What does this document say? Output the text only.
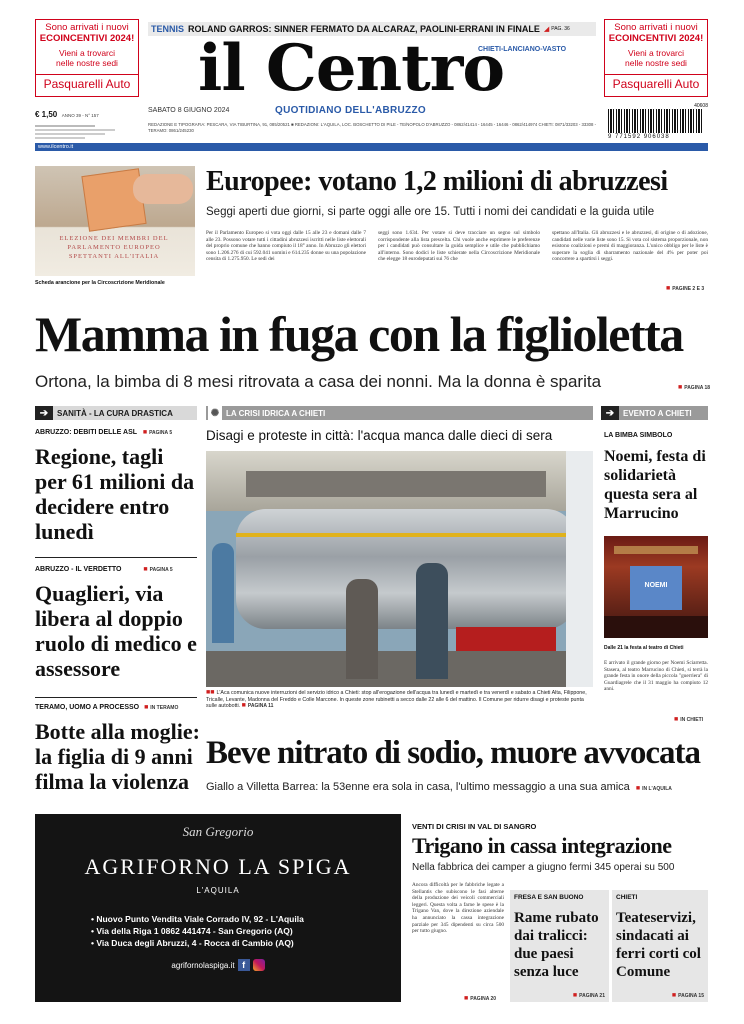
Sono arrivati i nuovi
ECOINCENTIVI 2024!
Vieni a trovarci
nelle nostre sedi
Pasquarelli Auto
Sono arrivati i nuovi
ECOINCENTIVI 2024!
Vieni a trovarci
nelle nostre sedi
Pasquarelli Auto
TENNIS ROLAND GARROS: SINNER FERMATO DA ALCARAZ, PAOLINI-ERRANI IN FINALE ◢ PAG. 36
il Centro
CHIETI-LANCIANO-VASTO
QUOTIDIANO DELL'ABRUZZO
SABATO 8 GIUGNO 2024
REDAZIONE E TIPOGRAFIA: PESCARA, VIA TIBURTINA, 91, 085/20521 ■ REDAZIONI: L'AQUILA, LOC. BOSCHETTO DI PILE - TE/NOPOLO D'ABRUZZO - 0862/41414 - 16445 - 16446 - 0862/414974 CHIETI: 0871/33203 - 33308 - TERAMO: 0861/245230
€ 1,50 ANNO 39 - N° 157
40608
9 771592 906038
www.ilcentro.it
ELEZIONE DEI MEMBRI DEL PARLAMENTO EUROPEO SPETTANTI ALL'ITALIA
Scheda arancione per la Circoscrizione Meridionale
Europee: votano 1,2 milioni di abruzzesi
Seggi aperti due giorni, si parte oggi alle ore 15. Tutti i nomi dei candidati e la guida utile
Per il Parlamento Europeo si vota oggi dalle 15 alle 23 e domani dalle 7 alle 23. Possono votare tutti i cittadini abruzzesi iscritti nelle liste elettorali del proprio comune che hanno compiuto il 18° anno. In Abruzzo gli elettori sono 1.206.276 di cui 592.041 uomini e 614.235 donne su una popolazione censita di 1.275.950. Le sedi dei
seggi sono 1.634. Per votare si deve tracciare un segno sul simbolo corrispondente alla lista prescelta. Chi vuole anche esprimere le preferenze per i candidati può consultare la guida semplice e utile che pubblichiamo all'interno. Sono dodici le liste schierate nella Circoscrizione Meridionale che elegge 18 eurodeputati sui 76 che
spettano all'Italia. Gli abruzzesi e le abruzzesi, di origine o di adozione, candidati nelle varie liste sono 15. Si vota col sistema proporzionale, non esistono coalizioni e premi di maggioranza. L'unico obbligo per le liste è superare la soglia di sbarramento nazionale del 4% per poter poi concorrere a spartirsi i seggi.
■ PAGINE 2 E 3
Mamma in fuga con la figlioletta
Ortona, la bimba di 8 mesi ritrovata a casa dei nonni. Ma la donna è sparita	■ PAGINA 18
➔	SANITÀ - LA CURA DRASTICA
ABRUZZO: DEBITI DELLE ASL ■ PAGINA 5
Regione, tagli per 61 milioni da decidere entro lunedì
ABRUZZO - IL VERDETTO	■ PAGINA 5
Quaglieri, via libera al doppio ruolo di medico e assessore
TERAMO, UOMO A PROCESSO ■ IN TERAMO
Botte alla moglie: la figlia di 9 anni filma la violenza
✺ LA CRISI IDRICA A CHIETI
Disagi e proteste in città: l'acqua manca dalle dieci di sera
■■ L'Aca comunica nuove interruzioni del servizio idrico a Chieti: stop all'erogazione dell'acqua tra lunedì e martedì e tra venerdì e sabato a Chieti Alta, Filippone, Tricalle, Levante, Madonna del Freddo e Colle Marcone. In queste zone rubinetti a secco dalle 22 alle 6 del mattino. Il Comune per ridurre disagi e proteste punta sulle autobotti. ■ PAGINA 11
➔	EVENTO A CHIETI
LA BIMBA SIMBOLO
Noemi, festa di solidarietà questa sera al Marrucino
NOEMI
Dalle 21 la festa al teatro di Chieti
È arrivato il grande giorno per Noemi Sciarretta. Stasera, al teatro Marrucino di Chieti, si terrà la grande festa in onore della piccola "guerriera" di Guardiagrele che il 31 maggio ha compiuto 12 anni.
■ IN CHIETI
Beve nitrato di sodio, muore avvocata
Giallo a Villetta Barrea: la 53enne era sola in casa, l'ultimo messaggio a una sua amica ■ IN L'AQUILA
San Gregorio
AGRIFORNO LA SPIGA
L'AQUILA
• Nuovo Punto Vendita Viale Corrado IV, 92 - L'Aquila
• Via della Riga 1 0862 441474 - San Gregorio (AQ)
• Via Duca degli Abruzzi, 4 - Rocca di Cambio (AQ)
agrifornolaspiga.it f
VENTI DI CRISI IN VAL DI SANGRO
Trigano in cassa integrazione
Nella fabbrica dei camper a giugno fermi 345 operai su 500
Ancora difficoltà per le fabbriche legate a Stellantis che subiscono le fasi alterne della produzione dei veicoli commerciali leggeri. Questa volta a farne le spese è la Trigano Van, dove la direzione aziendale ha annunciato la cassa integrazione parziale per 345 dipendenti su circa 500 per tutto giugno.
■ PAGINA 20
FRESA E SAN BUONO
Rame rubato dai tralicci: due paesi senza luce
■ PAGINA 21
CHIETI
Teateservizi, sindacati ai ferri corti col Comune
■ PAGINA 15
